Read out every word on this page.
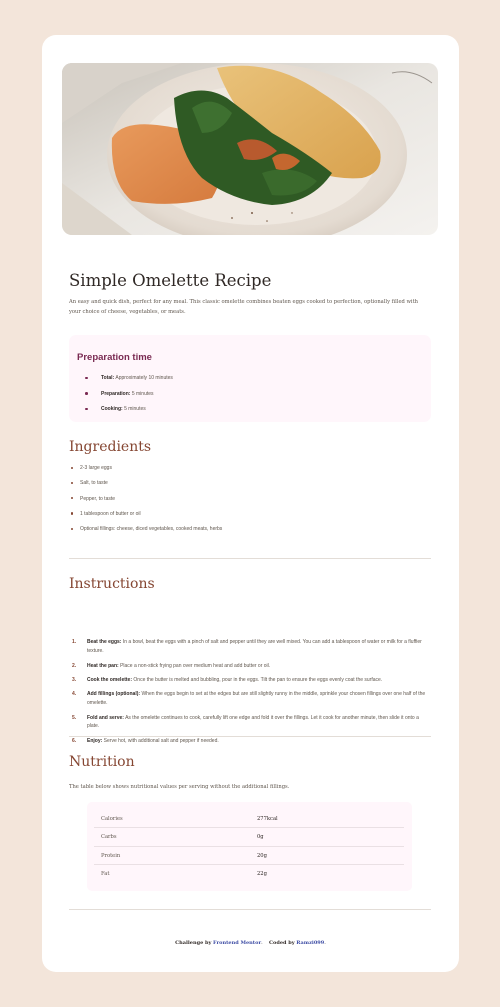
Simple Omelette Recipe

An easy and quick dish, perfect for any meal. This classic omelette combines beaten eggs cooked to perfection, optionally filled with your choice of cheese, vegetables, or meats.

Preparation time
Total: Approximately 10 minutes
Preparation: 5 minutes
Cooking: 5 minutes
Ingredients
2-3 large eggs
Salt, to taste
Pepper, to taste
1 tablespoon of butter or oil
Optional fillings: cheese, diced vegetables, cooked meats, herbs
Instructions
1. Beat the eggs: In a bowl, beat the eggs with a pinch of salt and pepper until they are well mixed. You can add a tablespoon of water or milk for a fluffier texture.
2. Heat the pan: Place a non-stick frying pan over medium heat and add butter or oil.
3. Cook the omelette: Once the butter is melted and bubbling, pour in the eggs. Tilt the pan to ensure the eggs evenly coat the surface.
4. Add fillings (optional): When the eggs begin to set at the edges but are still slightly runny in the middle, sprinkle your chosen fillings over one half of the omelette.
5. Fold and serve: As the omelette continues to cook, carefully lift one edge and fold it over the fillings. Let it cook for another minute, then slide it onto a plate.
6. Enjoy: Serve hot, with additional salt and pepper if needed.
Nutrition

The table below shows nutritional values per serving without the additional fillings.

Calories	277kcal
Carbs	0g
Protein	20g
Fat	22g
Challenge by Frontend Mentor.    Coded by Ramzi099.
